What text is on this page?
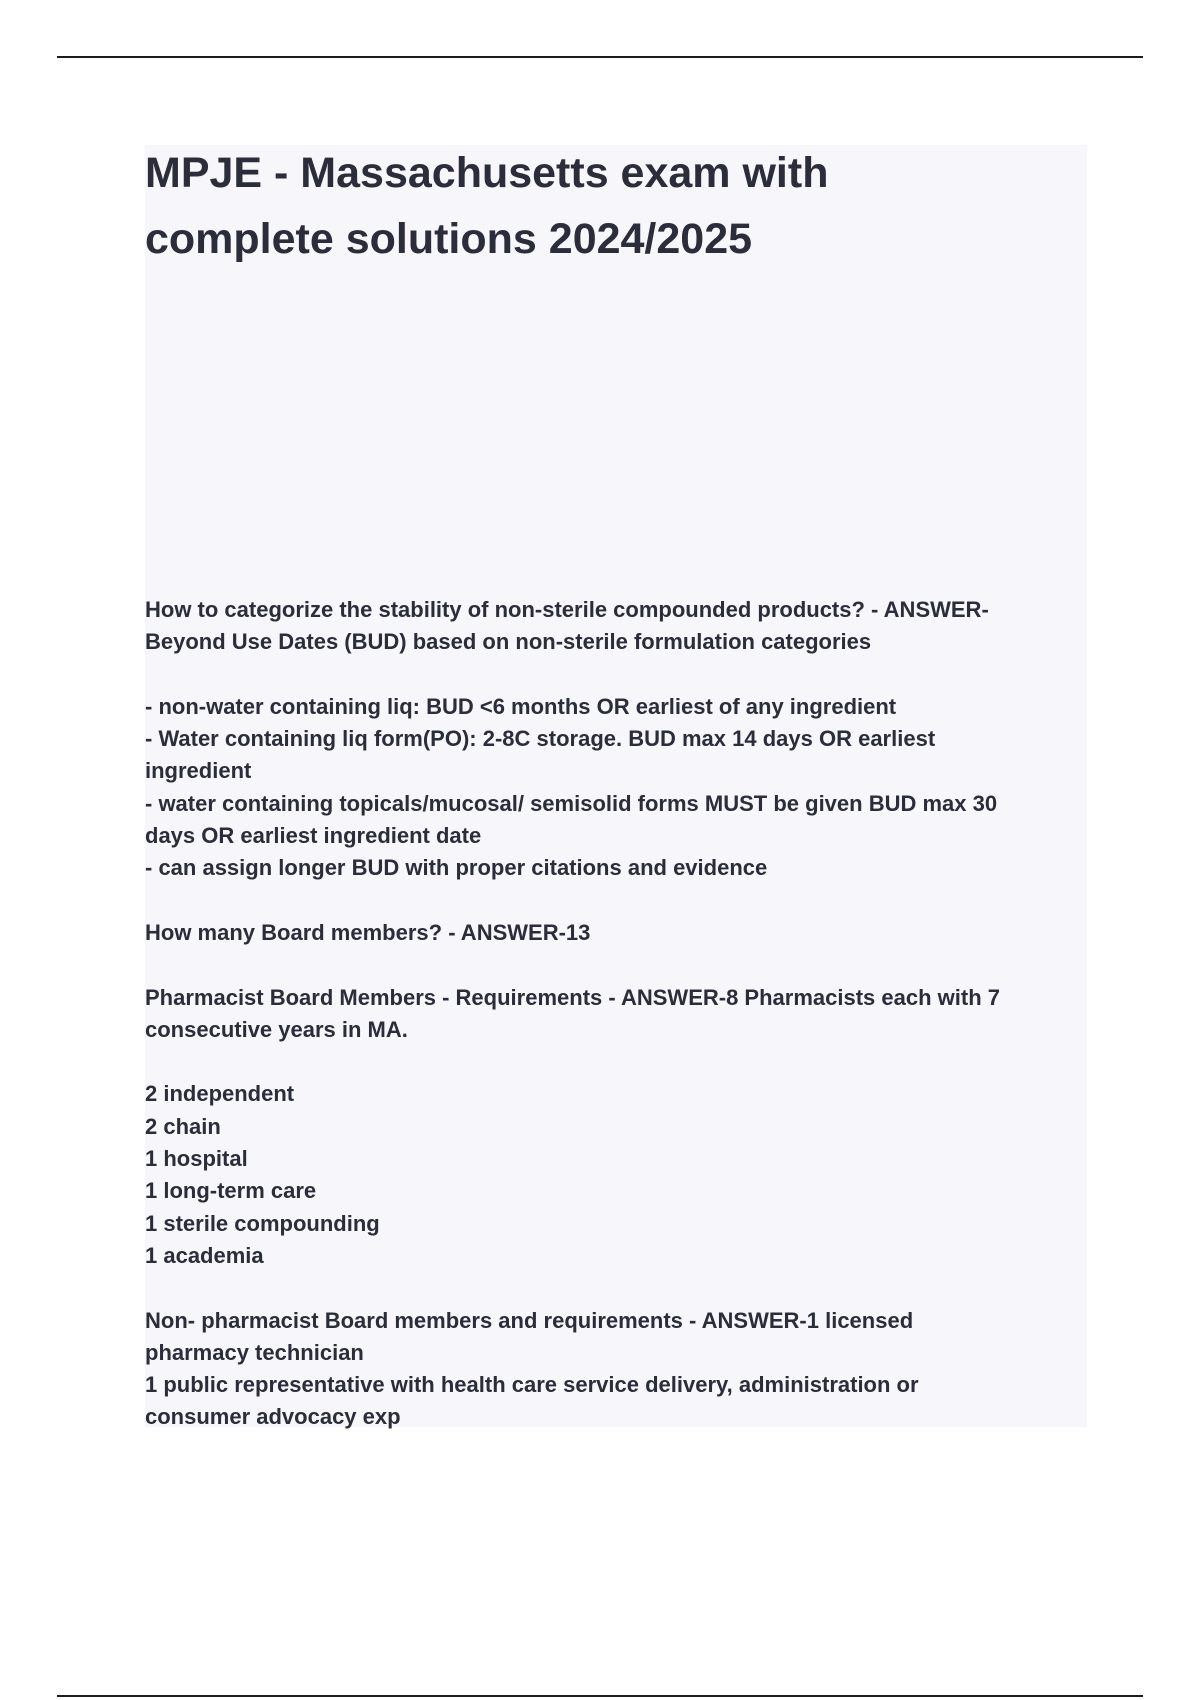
MPJE - Massachusetts exam with
complete solutions 2024/2025
How to categorize the stability of non-sterile compounded products? - ANSWER-
Beyond Use Dates (BUD) based on non-sterile formulation categories
- non-water containing liq: BUD <6 months OR earliest of any ingredient
- Water containing liq form(PO): 2-8C storage. BUD max 14 days OR earliest
ingredient
- water containing topicals/mucosal/ semisolid forms MUST be given BUD max 30
days OR earliest ingredient date
- can assign longer BUD with proper citations and evidence
How many Board members? - ANSWER-13
Pharmacist Board Members - Requirements - ANSWER-8 Pharmacists each with 7
consecutive years in MA.
2 independent
2 chain
1 hospital
1 long-term care
1 sterile compounding
1 academia
Non- pharmacist Board members and requirements - ANSWER-1 licensed
pharmacy technician
1 public representative with health care service delivery, administration or
consumer advocacy exp
